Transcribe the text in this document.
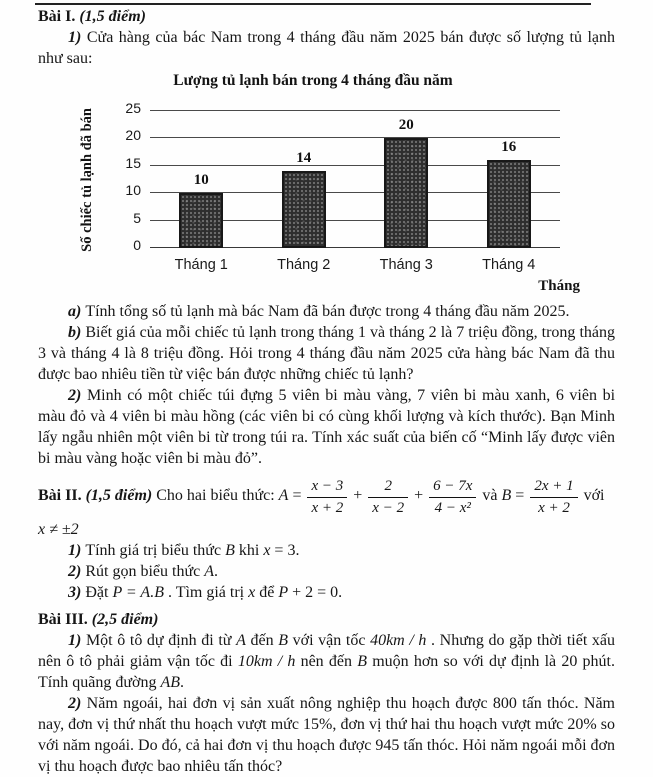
Bài I. (1,5 điểm)

1) Cửa hàng của bác Nam trong 4 tháng đầu năm 2025 bán được số lượng tủ lạnh như sau:

Lượng tủ lạnh bán trong 4 tháng đầu năm
Số chiếc tủ lạnh đã bán	0
5
10
15
20
25
10
14
20
16
Tháng 1	Tháng 2	Tháng 3	Tháng 4
Tháng

a) Tính tổng số tủ lạnh mà bác Nam đã bán được trong 4 tháng đầu năm 2025.

b) Biết giá của mỗi chiếc tủ lạnh trong tháng 1 và tháng 2 là 7 triệu đồng, trong tháng 3 và tháng 4 là 8 triệu đồng. Hỏi trong 4 tháng đầu năm 2025 cửa hàng bác Nam đã thu được bao nhiêu tiền từ việc bán được những chiếc tủ lạnh?

2) Minh có một chiếc túi đựng 5 viên bi màu vàng, 7 viên bi màu xanh, 6 viên bi màu đỏ và 4 viên bi màu hồng (các viên bi có cùng khối lượng và kích thước). Bạn Minh lấy ngẫu nhiên một viên bi từ trong túi ra. Tính xác suất của biến cố “Minh lấy được viên bi màu vàng hoặc viên bi màu đỏ”.

Bài II. (1,5 điểm) Cho hai biểu thức: $A = \frac{x - 3}{x + 2} + \frac{2}{x - 2} + \frac{6 - 7x}{\text{4 − x²}}$ và $B = \frac{2x + 1}{x + 2}$ với

x ≠ ±2

1) Tính giá trị biểu thức B khi x = 3.

2) Rút gọn biểu thức A.

3) Đặt P = A.B . Tìm giá trị x để P + 2 = 0.

Bài III. (2,5 điểm)

1) Một ô tô dự định đi từ A đến B với vận tốc 40km / h . Nhưng do gặp thời tiết xấu nên ô tô phải giảm vận tốc đi 10km / h nên đến B muộn hơn so với dự định là 20 phút. Tính quãng đường AB.

2) Năm ngoái, hai đơn vị sản xuất nông nghiệp thu hoạch được 800 tấn thóc. Năm nay, đơn vị thứ nhất thu hoạch vượt mức 15%, đơn vị thứ hai thu hoạch vượt mức 20% so với năm ngoái. Do đó, cả hai đơn vị thu hoạch được 945 tấn thóc. Hỏi năm ngoái mỗi đơn vị thu hoạch được bao nhiêu tấn thóc?
